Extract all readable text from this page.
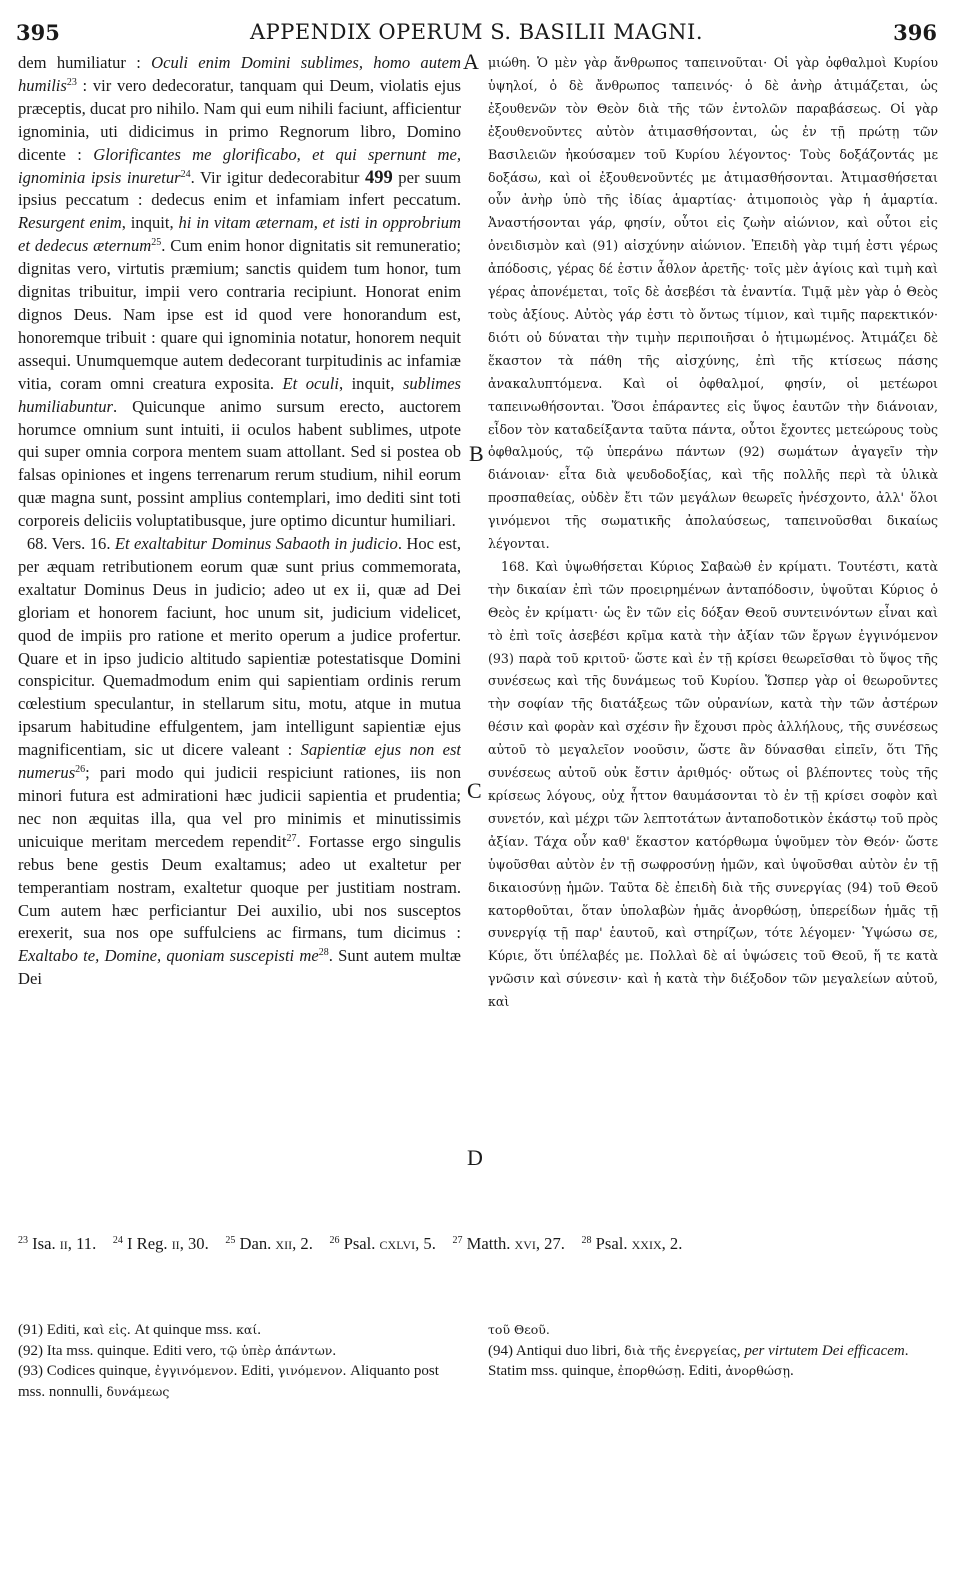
395	APPENDIX OPERUM S. BASILII MAGNI.	396
A
B
C
D

dem humiliatur : Oculi enim Domini sublimes, homo autem humilis$^{23}$ : vir vero dedecoratur, tanquam qui Deum, violatis ejus præceptis, ducat pro nihilo. Nam qui eum nihili faciunt, afficientur ignominia, uti didicimus in primo Regnorum libro, Domino dicente : Glorificantes me glorificabo, et qui spernunt me, ignominia ipsis inuretur$^{24}$. Vir igitur dedecorabitur 499 per suum ipsius peccatum : dedecus enim et infamiam infert peccatum. Resurgent enim, inquit, hi in vitam æternam, et isti in opprobrium et dedecus æternum$^{25}$. Cum enim honor dignitatis sit remuneratio; dignitas vero, virtutis præmium; sanctis quidem tum honor, tum dignitas tribuitur, impii vero contraria recipiunt. Honorat enim dignos Deus. Nam ipse est id quod vere honorandum est, honoremque tribuit : quare qui ignominia notatur, honorem nequit assequi. Unumquemque autem dedecorant turpitudinis ac infamiæ vitia, coram omni creatura exposita. Et oculi, inquit, sublimes humiliabuntur. Quicunque animo sursum erecto, auctorem horumce omnium sunt intuiti, ii oculos habent sublimes, utpote qui super omnia corpora mentem suam attollant. Sed si postea ob falsas opiniones et ingens terrenarum rerum studium, nihil eorum quæ magna sunt, possint amplius contemplari, imo dediti sint toti corporeis deliciis voluptatibusque, jure optimo dicuntur humiliari.

68. Vers. 16. Et exaltabitur Dominus Sabaoth in judicio. Hoc est, per æquam retributionem eorum quæ sunt prius commemorata, exaltatur Dominus Deus in judicio; adeo ut ex ii, quæ ad Dei gloriam et honorem faciunt, hoc unum sit, judicium videlicet, quod de impiis pro ratione et merito operum a judice profertur. Quare et in ipso judicio altitudo sapientiæ potestatisque Domini conspicitur. Quemadmodum enim qui sapientiam ordinis rerum cœlestium speculantur, in stellarum situ, motu, atque in mutua ipsarum habitudine effulgentem, jam intelligunt sapientiæ ejus magnificentiam, sic ut dicere valeant : Sapientiæ ejus non est numerus$^{26}$; pari modo qui judicii respiciunt rationes, iis non minori futura est admirationi hæc judicii sapientia et prudentia; nec non æquitas illa, qua vel pro minimis et minutissimis unicuique meritam mercedem rependit$^{27}$. Fortasse ergo singulis rebus bene gestis Deum exaltamus; adeo ut exaltetur per temperantiam nostram, exaltetur quoque per justitiam nostram. Cum autem hæc perficiantur Dei auxilio, ubi nos susceptos erexerit, sua nos ope suffulciens ac firmans, tum dicimus : Exaltabo te, Domine, quoniam suscepisti $me^{28}$. Sunt autem multæ Dei

μιώθη. Ὁ μὲν γὰρ ἄνθρωπος ταπεινοῦται· Οἱ γὰρ ὀφθαλμοὶ Κυρίου ὑψηλοί, ὁ δὲ ἄνθρωπος ταπεινός· ὁ δὲ ἀνὴρ ἀτιμάζεται, ὡς ἐξουθενῶν τὸν Θεὸν διὰ τῆς τῶν ἐντολῶν παραβάσεως. Οἱ γὰρ ἐξουθενοῦντες αὐτὸν ἀτιμασθήσονται, ὡς ἐν τῇ πρώτῃ τῶν Βασιλειῶν ἠκούσαμεν τοῦ Κυρίου λέγοντος· Τοὺς δοξάζοντάς με δοξάσω, καὶ οἱ ἐξουθενοῦντές με ἀτιμασθήσονται. Ἀτιμασθήσεται οὖν ἀνὴρ ὑπὸ τῆς ἰδίας ἁμαρτίας· ἀτιμοποιὸς γὰρ ἡ ἁμαρτία. Ἀναστήσονται γάρ, φησίν, οὗτοι εἰς ζωὴν αἰώνιον, καὶ οὗτοι εἰς ὀνειδισμὸν καὶ (91) αἰσχύνην αἰώνιον. Ἐπειδὴ γὰρ τιμή ἐστι γέρως ἀπόδοσις, γέρας δέ ἐστιν ἆθλον ἀρετῆς· τοῖς μὲν ἁγίοις καὶ τιμὴ καὶ γέρας ἀπονέμεται, τοῖς δὲ ἀσεβέσι τὰ ἐναντία. Τιμᾷ μὲν γὰρ ὁ Θεὸς τοὺς ἀξίους. Αὐτὸς γάρ ἐστι τὸ ὄντως τίμιον, καὶ τιμῆς παρεκτικόν· διότι οὐ δύναται τὴν τιμὴν περιποιῆσαι ὁ ἠτιμωμένος. Ἀτιμάζει δὲ ἕκαστον τὰ πάθη τῆς αἰσχύνης, ἐπὶ τῆς κτίσεως πάσης ἀνακαλυπτόμενα. Καὶ οἱ ὀφθαλμοί, φησίν, οἱ μετέωροι ταπεινωθήσονται. Ὅσοι ἐπάραντες εἰς ὕψος ἑαυτῶν τὴν διάνοιαν, εἶδον τὸν καταδείξαντα ταῦτα πάντα, οὗτοι ἔχοντες μετεώρους τοὺς ὀφθαλμούς, τῷ ὑπεράνω πάντων (92) σωμάτων ἀγαγεῖν τὴν διάνοιαν· εἶτα διὰ ψευδοδοξίας, καὶ τῆς πολλῆς περὶ τὰ ὑλικὰ προσπαθείας, οὐδὲν ἔτι τῶν μεγάλων θεωρεῖς ἠνέσχοντο, ἀλλ' ὅλοι γινόμενοι τῆς σωματικῆς ἀπολαύσεως, ταπεινοῦσθαι δικαίως λέγονται.

168. Καὶ ὑψωθήσεται Κύριος Σαβαὼθ ἐν κρίματι. Τουτέστι, κατὰ τὴν δικαίαν ἐπὶ τῶν προειρημένων ἀνταπόδοσιν, ὑψοῦται Κύριος ὁ Θεὸς ἐν κρίματι· ὡς ἓν τῶν εἰς δόξαν Θεοῦ συντεινόντων εἶναι καὶ τὸ ἐπὶ τοῖς ἀσεβέσι κρῖμα κατὰ τὴν ἀξίαν τῶν ἔργων ἐγγινόμενον (93) παρὰ τοῦ κριτοῦ· ὥστε καὶ ἐν τῇ κρίσει θεωρεῖσθαι τὸ ὕψος τῆς συνέσεως καὶ τῆς δυνάμεως τοῦ Κυρίου. Ὥσπερ γὰρ οἱ θεωροῦντες τὴν σοφίαν τῆς διατάξεως τῶν οὐρανίων, κατὰ τὴν τῶν ἀστέρων θέσιν καὶ φορὰν καὶ σχέσιν ἣν ἔχουσι πρὸς ἀλλήλους, τῆς συνέσεως αὐτοῦ τὸ μεγαλεῖον νοοῦσιν, ὥστε ἂν δύνασθαι εἰπεῖν, ὅτι Τῆς συνέσεως αὐτοῦ οὐκ ἔστιν ἀριθμός· οὕτως οἱ βλέποντες τοὺς τῆς κρίσεως λόγους, οὐχ ἧττον θαυμάσονται τὸ ἐν τῇ κρίσει σοφὸν καὶ συνετόν, καὶ μέχρι τῶν λεπτοτάτων ἀνταποδοτικὸν ἑκάστῳ τοῦ πρὸς ἀξίαν. Τάχα οὖν καθ' ἕκαστον κατόρθωμα ὑψοῦμεν τὸν Θεόν· ὥστε ὑψοῦσθαι αὐτὸν ἐν τῇ σωφροσύνῃ ἡμῶν, καὶ ὑψοῦσθαι αὐτὸν ἐν τῇ δικαιοσύνῃ ἡμῶν. Ταῦτα δὲ ἐπειδὴ διὰ τῆς συνεργίας (94) τοῦ Θεοῦ κατορθοῦται, ὅταν ὑπολαβὼν ἡμᾶς ἀνορθώσῃ, ὑπερείδων ἡμᾶς τῇ συνεργίᾳ τῇ παρ' ἑαυτοῦ, καὶ στηρίζων, τότε λέγομεν· Ὑψώσω σε, Κύριε, ὅτι ὑπέλαβές με. Πολλαὶ δὲ αἱ ὑψώσεις τοῦ Θεοῦ, ἥ τε κατὰ γνῶσιν καὶ σύνεσιν· καὶ ἡ κατὰ τὴν διέξοδον τῶν μεγαλείων αὐτοῦ, καὶ

$^{23}$ Isa. ii, 11. $^{24}$ I Reg. ii, 30. $^{25}$ Dan. xii, 2. $^{26}$ Psal. cxlvi, 5. $^{27}$ Matth. xvi, 27. $^{28}$ Psal. xxix, 2.

(91) Editi, καὶ εἰς. At quinque mss. καί.

(92) Ita mss. quinque. Editi vero, τῷ ὑπὲρ ἁπάντων.

(93) Codices quinque, ἐγγινόμενον. Editi, γινόμενον. Aliquanto post mss. nonnulli, δυνάμεως

τοῦ Θεοῦ.

(94) Antiqui duo libri, διὰ τῆς ἐνεργείας, per virtutem Dei efficacem. Statim mss. quinque, ἐπορθώσῃ. Editi, ἀνορθώσῃ.
